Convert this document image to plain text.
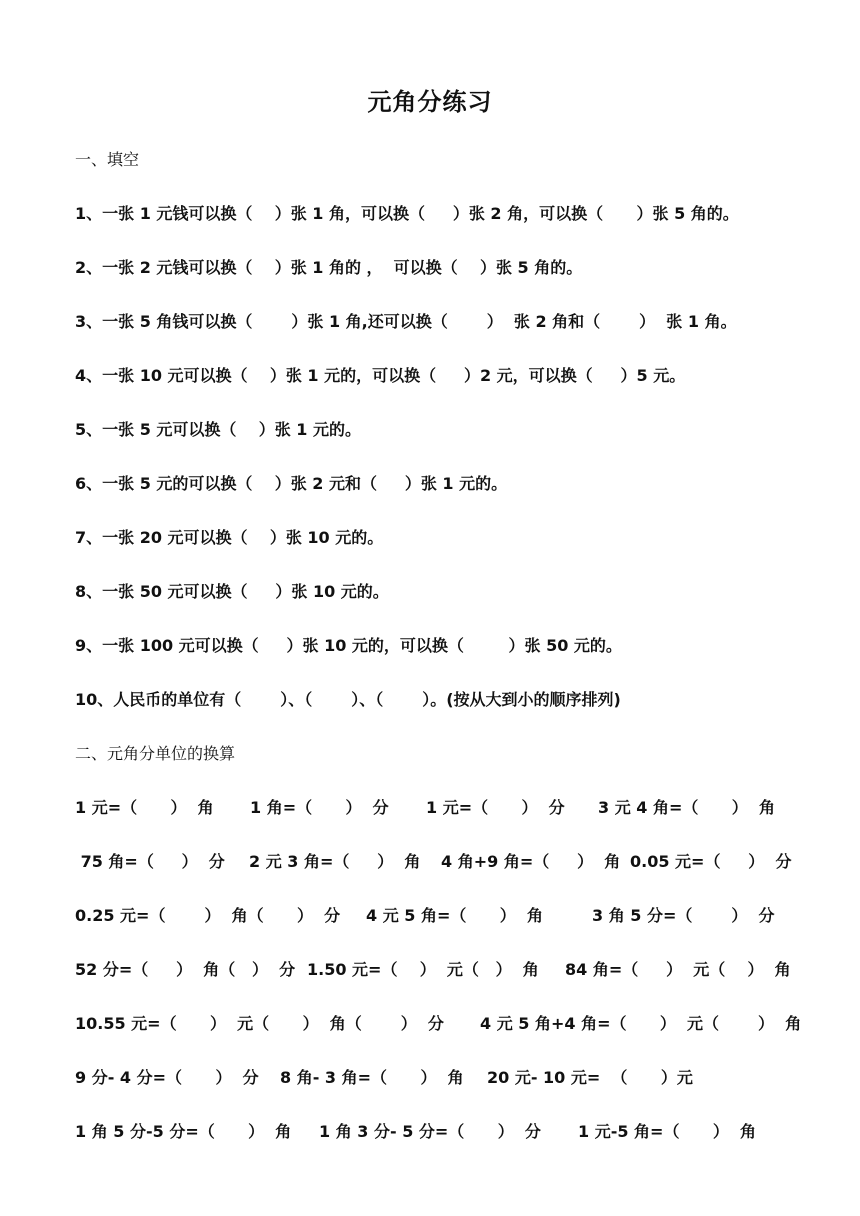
元角分练习
一、填空
1、一张 1 元钱可以换（    ）张 1 角，可以换（     ）张 2 角，可以换（      ）张 5 角的。
2、一张 2 元钱可以换（    ）张 1 角的 ，  可以换（    ）张 5 角的。
3、一张 5 角钱可以换（       ）张 1 角,还可以换（       ）  张 2 角和（       ）  张 1 角。
4、一张 10 元可以换（    ）张 1 元的，可以换（     ）2 元，可以换（     ）5 元。
5、一张 5 元可以换（    ）张 1 元的。
6、一张 5 元的可以换（    ）张 2 元和（     ）张 1 元的。
7、一张 20 元可以换（    ）张 10 元的。
8、一张 50 元可以换（     ）张 10 元的。
9、一张 100 元可以换（     ）张 10 元的，可以换（        ）张 50 元的。
10、人民币的单位有（       ）、（       ）、（       ）。(按从大到小的顺序排列)
二、元角分单位的换算
1 元=（      ）  角 1 角=（      ）  分 1 元=（      ）  分 3 元 4 角=（      ）  角
75 角=（     ）  分 2 元 3 角=（     ）  角 4 角+9 角=（     ）  角 0.05 元=（     ）  分
0.25 元=（       ）  角（      ）  分 4 元 5 角=（      ）  角	3 角 5 分=（       ）  分
52 分=（     ）  角（   ）  分 1.50 元=（    ）  元（   ）  角 84 角=（     ）  元（    ）  角
10.55 元=（      ）  元（      ）  角（       ）  分 4 元 5 角+4 角=（      ）  元（       ）  角
9 分- 4 分=（      ）  分 8 角- 3 角=（      ）  角 20 元- 10 元=  （      ）元
1 角 5 分-5 分=（      ）  角 1 角 3 分- 5 分=（      ）  分 1 元-5 角=（      ）  角
